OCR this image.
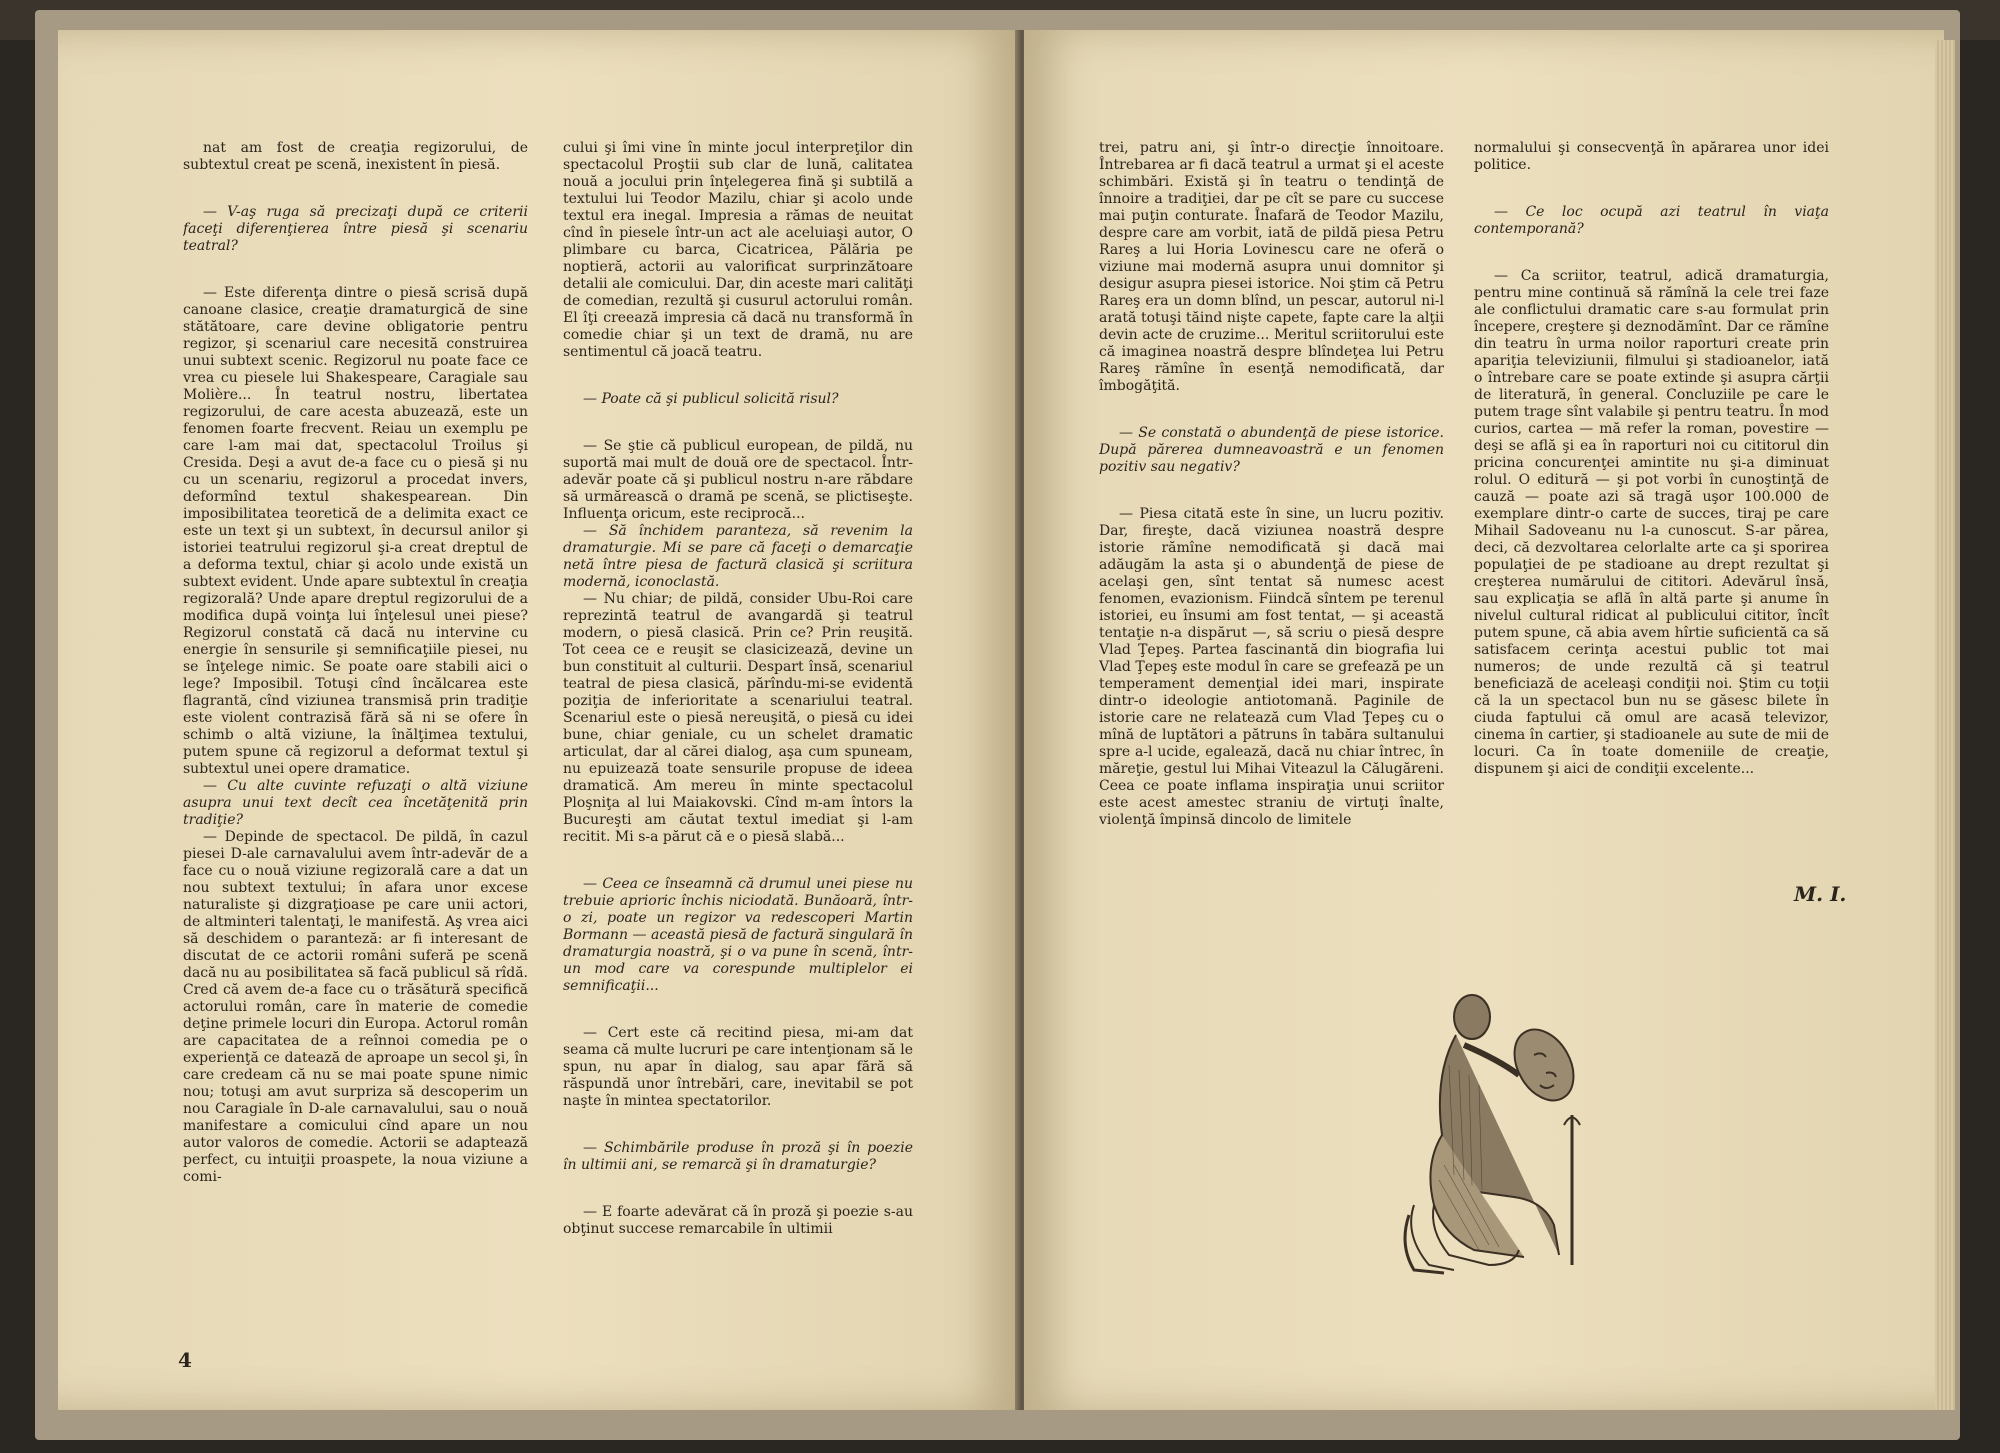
nat am fost de creaţia regizorului, de subtextul creat pe scenă, inexistent în piesă.

— V-aş ruga să precizaţi după ce criterii faceţi diferenţierea între piesă şi scenariu teatral?

— Este diferenţa dintre o piesă scrisă după canoane clasice, creaţie dramaturgică de sine stătătoare, care devine obligatorie pentru regizor, şi scenariul care necesită construirea unui subtext scenic. Regizorul nu poate face ce vrea cu piesele lui Shakespeare, Caragiale sau Molière... În teatrul nostru, libertatea regizorului, de care acesta abuzează, este un fenomen foarte frecvent. Reiau un exemplu pe care l-am mai dat, spectacolul Troilus şi Cresida. Deşi a avut de-a face cu o piesă şi nu cu un scenariu, regizorul a procedat invers, deformînd textul shakespearean. Din imposibilitatea teoretică de a delimita exact ce este un text şi un subtext, în decursul anilor şi istoriei teatrului regizorul şi-a creat dreptul de a deforma textul, chiar şi acolo unde există un subtext evident. Unde apare subtextul în creaţia regizorală? Unde apare dreptul regizorului de a modifica după voinţa lui înţelesul unei piese? Regizorul constată că dacă nu intervine cu energie în sensurile şi semnificaţiile piesei, nu se înţelege nimic. Se poate oare stabili aici o lege? Imposibil. Totuşi cînd încălcarea este flagrantă, cînd viziunea transmisă prin tradiţie este violent contrazisă fără să ni se ofere în schimb o altă viziune, la înălţimea textului, putem spune că regizorul a deformat textul şi subtextul unei opere dramatice.

— Cu alte cuvinte refuzaţi o altă viziune asupra unui text decît cea încetăţenită prin tradiţie?

— Depinde de spectacol. De pildă, în cazul piesei D-ale carnavalului avem într-adevăr de a face cu o nouă viziune regizorală care a dat un nou subtext textului; în afara unor excese naturaliste şi dizgraţioase pe care unii actori, de altminteri talentaţi, le manifestă. Aş vrea aici să deschidem o paranteză: ar fi interesant de discutat de ce actorii români suferă pe scenă dacă nu au posibilitatea să facă publicul să rîdă. Cred că avem de-a face cu o trăsătură specifică actorului român, care în materie de comedie deţine primele locuri din Europa. Actorul român are capacitatea de a reînnoi comedia pe o experienţă ce datează de aproape un secol şi, în care credeam că nu se mai poate spune nimic nou; totuşi am avut surpriza să descoperim un nou Caragiale în D-ale carnavalului, sau o nouă manifestare a comicului cînd apare un nou autor valoros de comedie. Actorii se adaptează perfect, cu intuiţii proaspete, la noua viziune a comi-

cului şi îmi vine în minte jocul interpreţilor din spectacolul Proştii sub clar de lună, calitatea nouă a jocului prin înţelegerea fină şi subtilă a textului lui Teodor Mazilu, chiar şi acolo unde textul era inegal. Impresia a rămas de neuitat cînd în piesele într-un act ale aceluiaşi autor, O plimbare cu barca, Cicatricea, Pălăria pe noptieră, actorii au valorificat surprinzătoare detalii ale comicului. Dar, din aceste mari calităţi de comedian, rezultă şi cusurul actorului român. El îţi creează impresia că dacă nu transformă în comedie chiar şi un text de dramă, nu are sentimentul că joacă teatru.

— Poate că şi publicul solicită risul?

— Se ştie că publicul european, de pildă, nu suportă mai mult de două ore de spectacol. Într-adevăr poate că şi publicul nostru n-are răbdare să urmărească o dramă pe scenă, se plictiseşte. Influenţa oricum, este reciprocă...

— Să închidem paranteza, să revenim la dramaturgie. Mi se pare că faceţi o demarcaţie netă între piesa de factură clasică şi scriitura modernă, iconoclastă.

— Nu chiar; de pildă, consider Ubu-Roi care reprezintă teatrul de avangardă şi teatrul modern, o piesă clasică. Prin ce? Prin reuşită. Tot ceea ce e reuşit se clasicizează, devine un bun constituit al culturii. Despart însă, scenariul teatral de piesa clasică, părîndu-mi-se evidentă poziţia de inferioritate a scenariului teatral. Scenariul este o piesă nereuşită, o piesă cu idei bune, chiar geniale, cu un schelet dramatic articulat, dar al cărei dialog, aşa cum spuneam, nu epuizează toate sensurile propuse de ideea dramatică. Am mereu în minte spectacolul Ploşniţa al lui Maiakovski. Cînd m-am întors la Bucureşti am căutat textul imediat şi l-am recitit. Mi s-a părut că e o piesă slabă...

— Ceea ce înseamnă că drumul unei piese nu trebuie aprioric închis niciodată. Bunăoară, într-o zi, poate un regizor va redescoperi Martin Bormann — această piesă de factură singulară în dramaturgia noastră, şi o va pune în scenă, într-un mod care va corespunde multiplelor ei semnificaţii...

— Cert este că recitind piesa, mi-am dat seama că multe lucruri pe care intenţionam să le spun, nu apar în dialog, sau apar fără să răspundă unor întrebări, care, inevitabil se pot naşte în mintea spectatorilor.

— Schimbările produse în proză şi în poezie în ultimii ani, se remarcă şi în dramaturgie?

— E foarte adevărat că în proză şi poezie s-au obţinut succese remarcabile în ultimii

4

trei, patru ani, şi într-o direcţie înnoitoare. Întrebarea ar fi dacă teatrul a urmat şi el aceste schimbări. Există şi în teatru o tendinţă de înnoire a tradiţiei, dar pe cît se pare cu succese mai puţin conturate. Înafară de Teodor Mazilu, despre care am vorbit, iată de pildă piesa Petru Rareş a lui Horia Lovinescu care ne oferă o viziune mai modernă asupra unui domnitor şi desigur asupra piesei istorice. Noi ştim că Petru Rareş era un domn blînd, un pescar, autorul ni-l arată totuşi tăind nişte capete, fapte care la alţii devin acte de cruzime... Meritul scriitorului este că imaginea noastră despre blîndeţea lui Petru Rareş rămîne în esenţă nemodificată, dar îmbogăţită.

— Se constată o abundenţă de piese istorice. După părerea dumneavoastră e un fenomen pozitiv sau negativ?

— Piesa citată este în sine, un lucru pozitiv. Dar, fireşte, dacă viziunea noastră despre istorie rămîne nemodificată şi dacă mai adăugăm la asta şi o abundenţă de piese de acelaşi gen, sînt tentat să numesc acest fenomen, evazionism. Fiindcă sîntem pe terenul istoriei, eu însumi am fost tentat, — şi această tentaţie n-a dispărut —, să scriu o piesă despre Vlad Ţepeş. Partea fascinantă din biografia lui Vlad Ţepeş este modul în care se grefează pe un temperament demenţial idei mari, inspirate dintr-o ideologie antiotomană. Paginile de istorie care ne relatează cum Vlad Ţepeş cu o mînă de luptători a pătruns în tabăra sultanului spre a-l ucide, egalează, dacă nu chiar întrec, în măreţie, gestul lui Mihai Viteazul la Călugăreni. Ceea ce poate inflama inspiraţia unui scriitor este acest amestec straniu de virtuţi înalte, violenţă împinsă dincolo de limitele

normalului şi consecvenţă în apărarea unor idei politice.

— Ce loc ocupă azi teatrul în viaţa contemporană?

— Ca scriitor, teatrul, adică dramaturgia, pentru mine continuă să rămînă la cele trei faze ale conflictului dramatic care s-au formulat prin începere, creştere şi deznodămînt. Dar ce rămîne din teatru în urma noilor raporturi create prin apariţia televiziunii, filmului şi stadioanelor, iată o întrebare care se poate extinde şi asupra cărţii de literatură, în general. Concluziile pe care le putem trage sînt valabile şi pentru teatru. În mod curios, cartea — mă refer la roman, povestire — deşi se află şi ea în raporturi noi cu cititorul din pricina concurenţei amintite nu şi-a diminuat rolul. O editură — şi pot vorbi în cunoştinţă de cauză — poate azi să tragă uşor 100.000 de exemplare dintr-o carte de succes, tiraj pe care Mihail Sadoveanu nu l-a cunoscut. S-ar părea, deci, că dezvoltarea celorlalte arte ca şi sporirea populaţiei de pe stadioane au drept rezultat şi creşterea numărului de cititori. Adevărul însă, sau explicaţia se află în altă parte şi anume în nivelul cultural ridicat al publicului cititor, încît putem spune, că abia avem hîrtie suficientă ca să satisfacem cerinţa acestui public tot mai numeros; de unde rezultă că şi teatrul beneficiază de aceleaşi condiţii noi. Ştim cu toţii că la un spectacol bun nu se găsesc bilete în ciuda faptului că omul are acasă televizor, cinema în cartier, şi stadioanele au sute de mii de locuri. Ca în toate domeniile de creaţie, dispunem şi aici de condiţii excelente...

M. I.
